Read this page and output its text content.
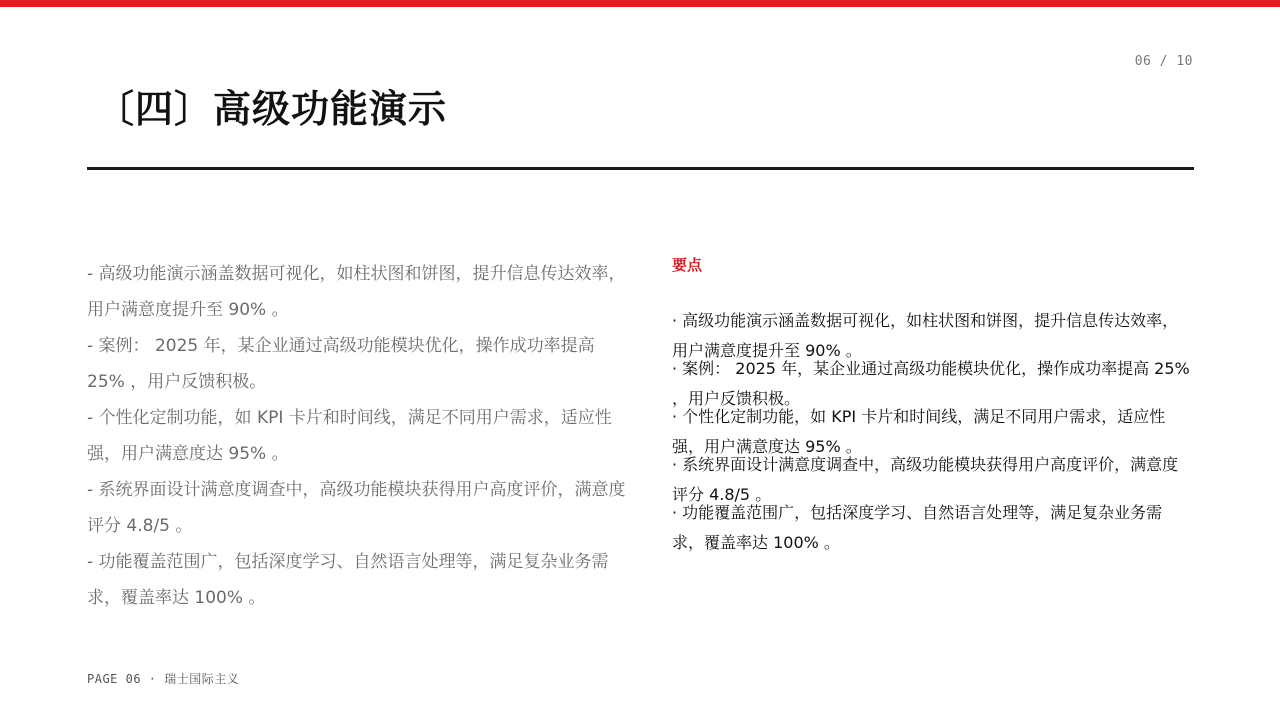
06 / 10
〔四〕高级功能演示
- 高级功能演示涵盖数据可视化，如柱状图和饼图，提升信息传达效率，用户满意度提升至 90% 。
- 案例： 2025 年，某企业通过高级功能模块优化，操作成功率提高 25% ，用户反馈积极。
- 个性化定制功能，如 KPI 卡片和时间线，满足不同用户需求，适应性强，用户满意度达 95% 。
- 系统界面设计满意度调查中，高级功能模块获得用户高度评价，满意度评分 4.8/5 。
- 功能覆盖范围广，包括深度学习、自然语言处理等，满足复杂业务需求，覆盖率达 100% 。
要点
· 高级功能演示涵盖数据可视化，如柱状图和饼图，提升信息传达效率，用户满意度提升至 90% 。
· 案例： 2025 年，某企业通过高级功能模块优化，操作成功率提高 25% ，用户反馈积极。
· 个性化定制功能，如 KPI 卡片和时间线，满足不同用户需求，适应性强，用户满意度达 95% 。
· 系统界面设计满意度调查中，高级功能模块获得用户高度评价，满意度评分 4.8/5 。
· 功能覆盖范围广，包括深度学习、自然语言处理等，满足复杂业务需求，覆盖率达 100% 。
PAGE 06 · 瑞士国际主义
